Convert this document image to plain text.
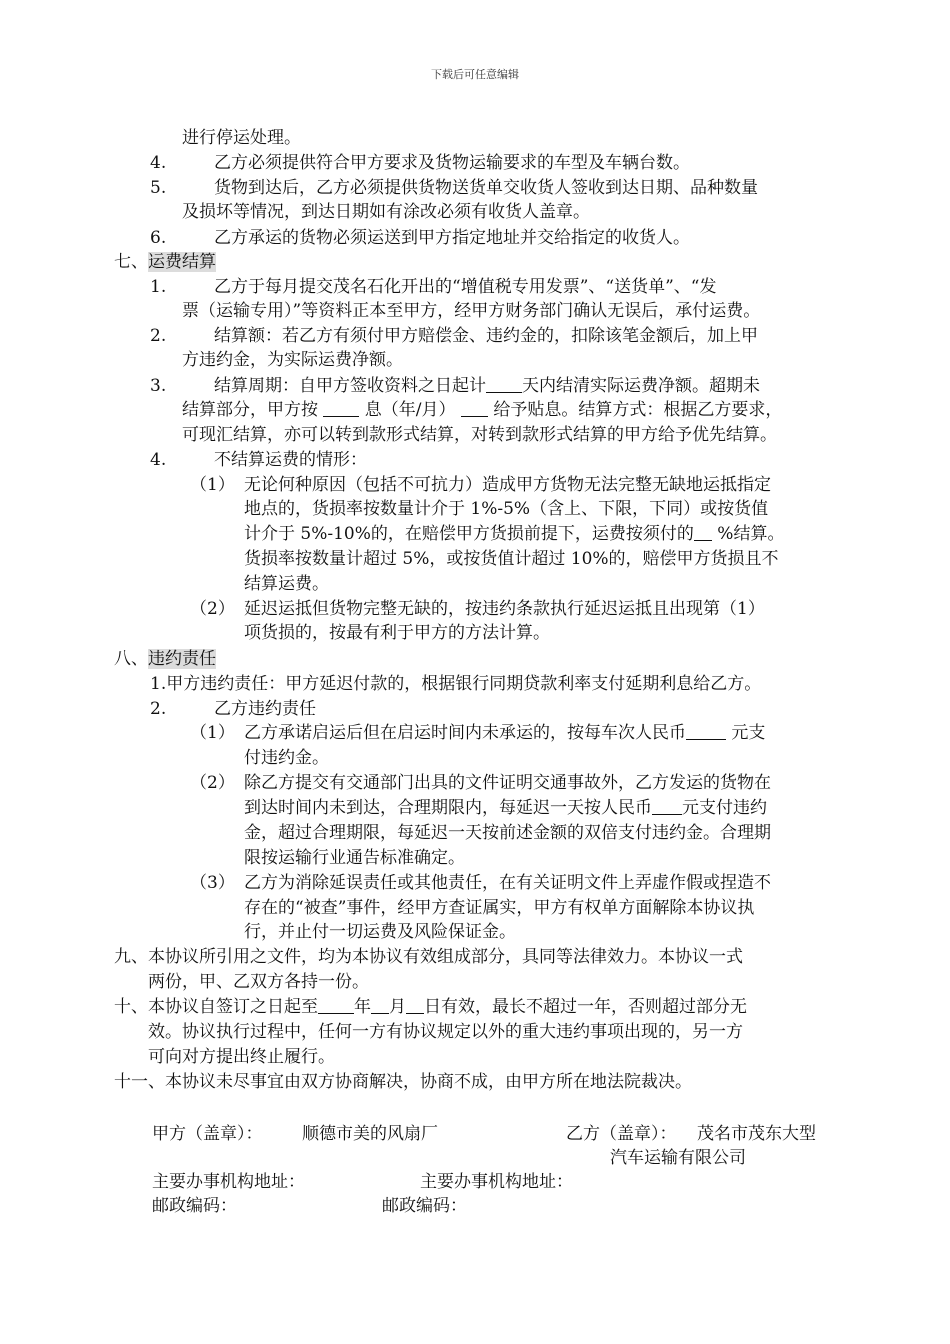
下载后可任意编辑
进行停运处理。
4.	乙方必须提供符合甲方要求及货物运输要求的车型及车辆台数。
5.	货物到达后，乙方必须提供货物送货单交收货人签收到达日期、品种数量
及损坏等情况，到达日期如有涂改必须有收货人盖章。
6.	乙方承运的货物必须运送到甲方指定地址并交给指定的收货人。
七、运费结算
1.	乙方于每月提交茂名石化开出的“增值税专用发票”、“送货单”、“发
票（运输专用）”等资料正本至甲方，经甲方财务部门确认无误后，承付运费。
2.	结算额：若乙方有须付甲方赔偿金、违约金的，扣除该笔金额后，加上甲
方违约金，为实际运费净额。
3.	结算周期：自甲方签收资料之日起计 天内结清实际运费净额。超期未
结算部分，甲方按  息（年/月）  给予贴息。结算方式：根据乙方要求，
可现汇结算，亦可以转到款形式结算，对转到款形式结算的甲方给予优先结算。
4.	不结算运费的情形：
（1） 无论何种原因（包括不可抗力）造成甲方货物无法完整无缺地运抵指定
地点的，货损率按数量计介于 1%-5%（含上、下限，下同）或按货值
计介于 5%-10%的，在赔偿甲方货损前提下，运费按须付的 %结算。
货损率按数量计超过 5%，或按货值计超过 10%的，赔偿甲方货损且不
结算运费。
（2） 延迟运抵但货物完整无缺的，按违约条款执行延迟运抵且出现第（1）
项货损的，按最有利于甲方的方法计算。
八、违约责任
1.甲方违约责任：甲方延迟付款的，根据银行同期贷款利率支付延期利息给乙方。
2.	乙方违约责任
（1） 乙方承诺启运后但在启运时间内未承运的，按每车次人民币 元支
付违约金。
（2） 除乙方提交有交通部门出具的文件证明交通事故外，乙方发运的货物在
到达时间内未到达，合理期限内，每延迟一天按人民币 元支付违约
金，超过合理期限，每延迟一天按前述金额的双倍支付违约金。合理期
限按运输行业通告标准确定。
（3） 乙方为消除延误责任或其他责任，在有关证明文件上弄虚作假或捏造不
存在的“被查”事件，经甲方查证属实，甲方有权单方面解除本协议执
行，并止付一切运费及风险保证金。
九、本协议所引用之文件，均为本协议有效组成部分，具同等法律效力。本协议一式
两份，甲、乙双方各持一份。
十、本协议自签订之日起至 年 月 日有效，最长不超过一年，否则超过部分无
效。协议执行过程中，任何一方有协议规定以外的重大违约事项出现的，另一方
可向对方提出终止履行。
十一、本协议未尽事宜由双方协商解决，协商不成，由甲方所在地法院裁决。
甲方（盖章）： 顺德市美的风扇厂	乙方（盖章）： 茂名市茂东大型
汽车运输有限公司
主要办事机构地址：	主要办事机构地址：
邮政编码：	邮政编码：
